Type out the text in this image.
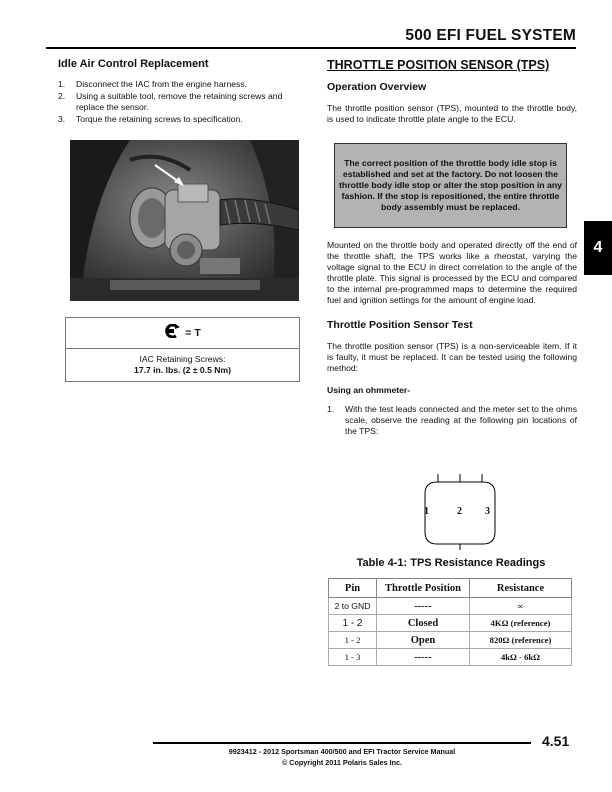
500 EFI FUEL SYSTEM
Idle Air Control Replacement
1. Disconnect the IAC from the engine harness.
2. Using a suitable tool, remove the retaining screws and replace the sensor.
3. Torque the retaining screws to specification.
= T
IAC Retaining Screws:
17.7 in. lbs. (2 ± 0.5 Nm)
THROTTLE POSITION SENSOR (TPS)
Operation Overview

The throttle position sensor (TPS), mounted to the throttle body, is used to indicate throttle plate angle to the ECU.

The correct position of the throttle body idle stop is established and set at the factory. Do not loosen the throttle body idle stop or alter the stop position in any fashion. If the stop is repositioned, the entire throttle body assembly must be replaced.
4

Mounted on the throttle body and operated directly off the end of the throttle shaft, the TPS works like a rheostat, varying the voltage signal to the ECU in direct correlation to the angle of the throttle plate. This signal is processed by the ECU and compared to the internal pre-programmed maps to determine the required fuel and ignition settings for the amount of engine load.

Throttle Position Sensor Test

The throttle position sensor (TPS) is a non-serviceable item. If it is faulty, it must be replaced. It can be tested using the following method:

Using an ohmmeter-
1. With the test leads connected and the meter set to the ohms scale, observe the reading at the following pin locations of the TPS:
1	2 3
Table 4-1: TPS Resistance Readings
Pin	Throttle Position	Resistance
2 to GND	-----	∞
1 - 2	Closed	4KΩ (reference)
1 - 2	Open	820Ω (reference)
1 - 3	-----	4kΩ - 6kΩ
4.51
9923412 - 2012 Sportsman 400/500 and EFI Tractor Service Manual
© Copyright 2011 Polaris Sales Inc.
